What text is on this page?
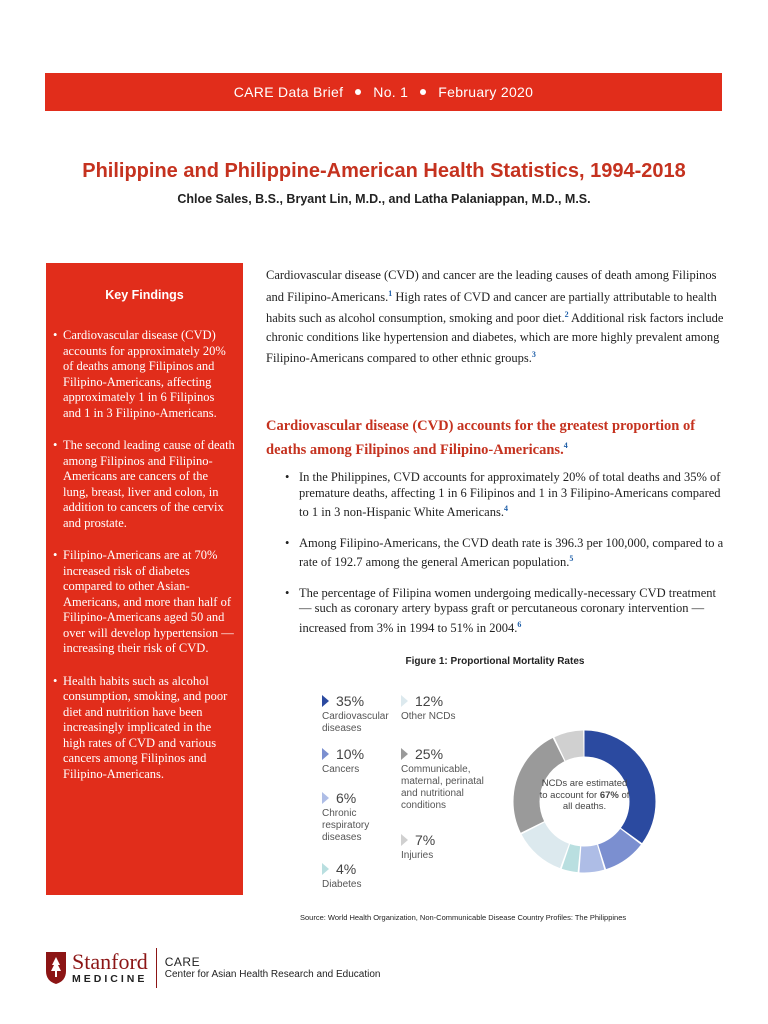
CARE Data Brief No. 1 February 2020
Philippine and Philippine-American Health Statistics, 1994-2018

Chloe Sales, B.S., Bryant Lin, M.D., and Latha Palaniappan, M.D., M.S.

Key Findings
• Cardiovascular disease (CVD) accounts for approximately 20% of deaths among Filipinos and Filipino-Americans, affecting approximately 1 in 6 Filipinos and 1 in 3 Filipino-Americans.
• The second leading cause of death among Filipinos and Filipino-Americans are cancers of the lung, breast, liver and colon, in addition to cancers of the cervix and prostate.
• Filipino-Americans are at 70% increased risk of diabetes compared to other Asian-Americans, and more than half of Filipino-Americans aged 50 and over will develop hypertension — increasing their risk of CVD.
• Health habits such as alcohol consumption, smoking, and poor diet and nutrition have been increasingly implicated in the high rates of CVD and various cancers among Filipinos and Filipino-Americans.

Cardiovascular disease (CVD) and cancer are the leading causes of death among Filipinos and Filipino-Americans.$^1$ High rates of CVD and cancer are partially attributable to health habits such as alcohol consumption, smoking and poor diet.$^2$ Additional risk factors include chronic conditions like hypertension and diabetes, which are more highly prevalent among Filipino-Americans compared to other ethnic groups.$^3$

Cardiovascular disease (CVD) accounts for the greatest proportion of deaths among Filipinos and Filipino-Americans.$^4$
• In the Philippines, CVD accounts for approximately 20% of total deaths and 35% of premature deaths, affecting 1 in 6 Filipinos and 1 in 3 Filipino-Americans compared to 1 in 3 non-Hispanic White Americans.$^4$
• Among Filipino-Americans, the CVD death rate is 396.3 per 100,000, compared to a rate of 192.7 among the general American population.$^5$
• The percentage of Filipina women undergoing medically-necessary CVD treatment — such as coronary artery bypass graft or percutaneous coronary intervention — increased from 3% in 1994 to 51% in 2004.$^6$

Figure 1: Proportional Mortality Rates

35%
Cardiovascular diseases
10%
Cancers
6%
Chronic respiratory diseases
4%
Diabetes
12%
Other NCDs
25%
Communicable, maternal, perinatal and nutritional conditions
7%
Injuries
NCDs are estimated to account for 67% of all deaths.
Source: World Health Organization, Non-Communicable Disease Country Profiles: The Philippines
Stanford
MEDICINE
CARE
Center for Asian Health Research and Education
